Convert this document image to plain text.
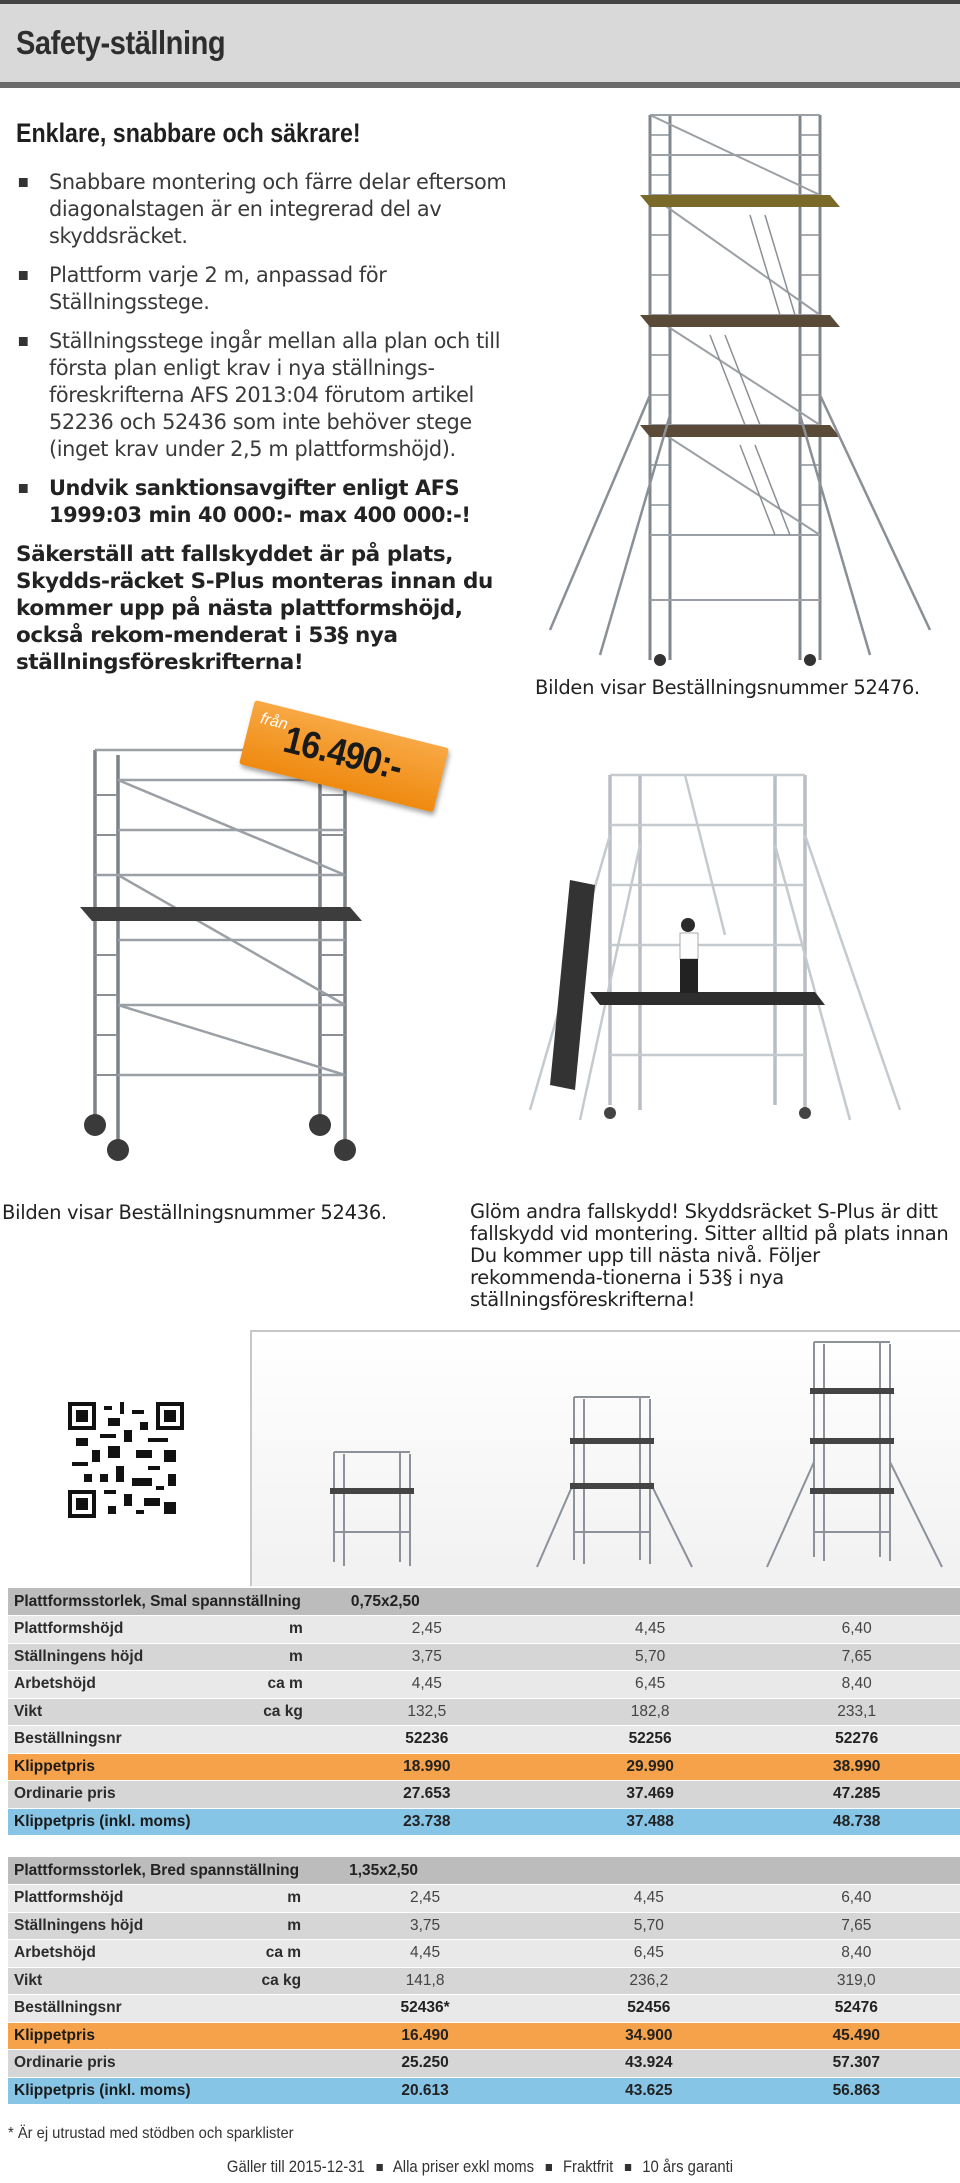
Safety-ställning
Enklare, snabbare och säkrare!
Snabbare montering och färre delar eftersom diagonalstagen är en integrerad del av skyddsräcket.
Plattform varje 2 m, anpassad för Ställningsstege.
Ställningsstege ingår mellan alla plan och till första plan enligt krav i nya ställnings-föreskrifterna AFS 2013:04 förutom artikel 52236 och 52436 som inte behöver stege (inget krav under 2,5 m plattformshöjd).
Undvik sanktionsavgifter enligt AFS 1999:03 min 40 000:- max 400 000:-!

Säkerställ att fallskyddet är på plats, Skydds-räcket S-Plus monteras innan du kommer upp på nästa plattformshöjd, också rekom-menderat i 53§ nya ställningsföreskrifterna!

Bilden visar Beställningsnummer 52476.
från
16.490:-
Bilden visar Beställningsnummer 52436.	Glöm andra fallskydd! Skyddsräcket S-Plus är ditt fallskydd vid montering. Sitter alltid på plats innan Du kommer upp till nästa nivå. Följer rekommenda-tionerna i 53§ i nya ställningsföreskrifterna!
Plattformsstorlek, Smal spannställning		0,75x2,50		
Plattformshöjd	m	2,45	4,45	6,40
Ställningens höjd	m	3,75	5,70	7,65
Arbetshöjd	ca m	4,45	6,45	8,40
Vikt	ca kg	132,5	182,8	233,1
Beställningsnr		52236	52256	52276
Klippetpris		18.990	29.990	38.990
Ordinarie pris		27.653	37.469	47.285
Klippetpris (inkl. moms)		23.738	37.488	48.738
Plattformsstorlek, Bred spannställning		1,35x2,50		
Plattformshöjd	m	2,45	4,45	6,40
Ställningens höjd	m	3,75	5,70	7,65
Arbetshöjd	ca m	4,45	6,45	8,40
Vikt	ca kg	141,8	236,2	319,0
Beställningsnr		52436*	52456	52476
Klippetpris		16.490	34.900	45.490
Ordinarie pris		25.250	43.924	57.307
Klippetpris (inkl. moms)		20.613	43.625	56.863
* Är ej utrustad med stödben och sparklister
Gäller till 2015-12-31 Alla priser exkl moms Fraktfrit 10 års garanti
